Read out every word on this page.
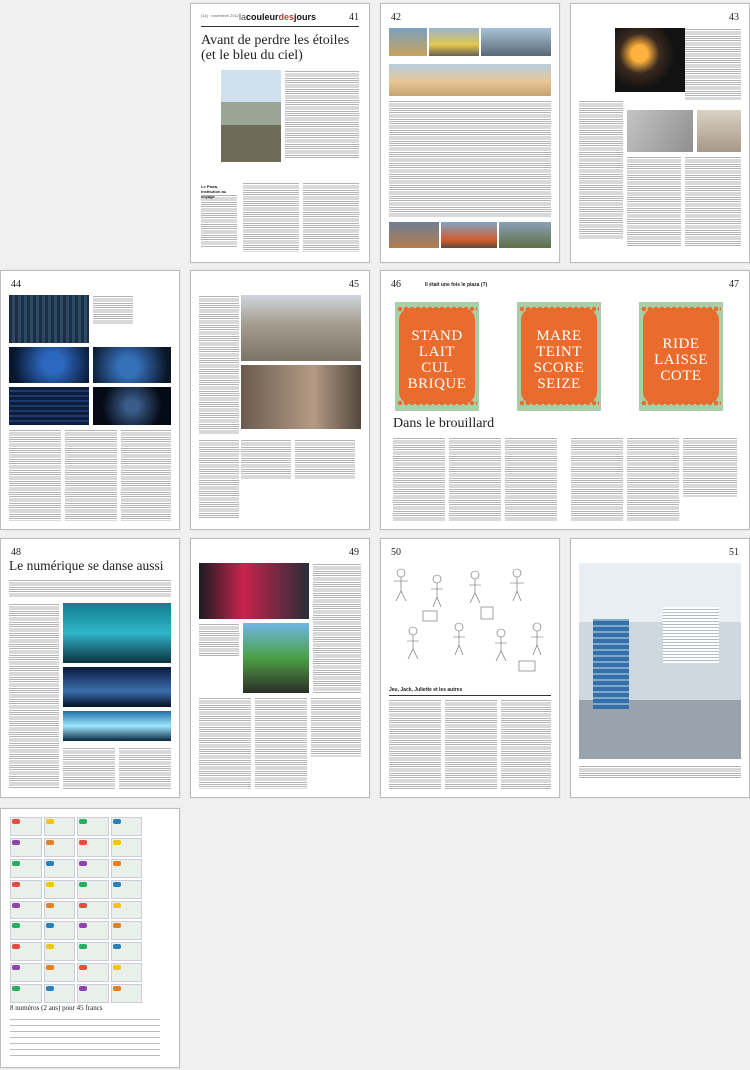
[14] · novembre 2012 lacouleurdesjours	41
Avant de perdre les étoiles (et le bleu du ciel)
Le Plaza, institution au voyage
42	43
44	45	46	Il était une fois le piaza (?)	47
STAND
LAIT
CUL
BRIQUE
MARE
TEINT
SCORE
SEIZE
RIDE
LAISSE
COTE
Dans le brouillard
48
Le numérique se danse aussi
49	50
Jeu, Jack, Juliette et les autres
51
8 numéros (2 ans) pour 45 francs
